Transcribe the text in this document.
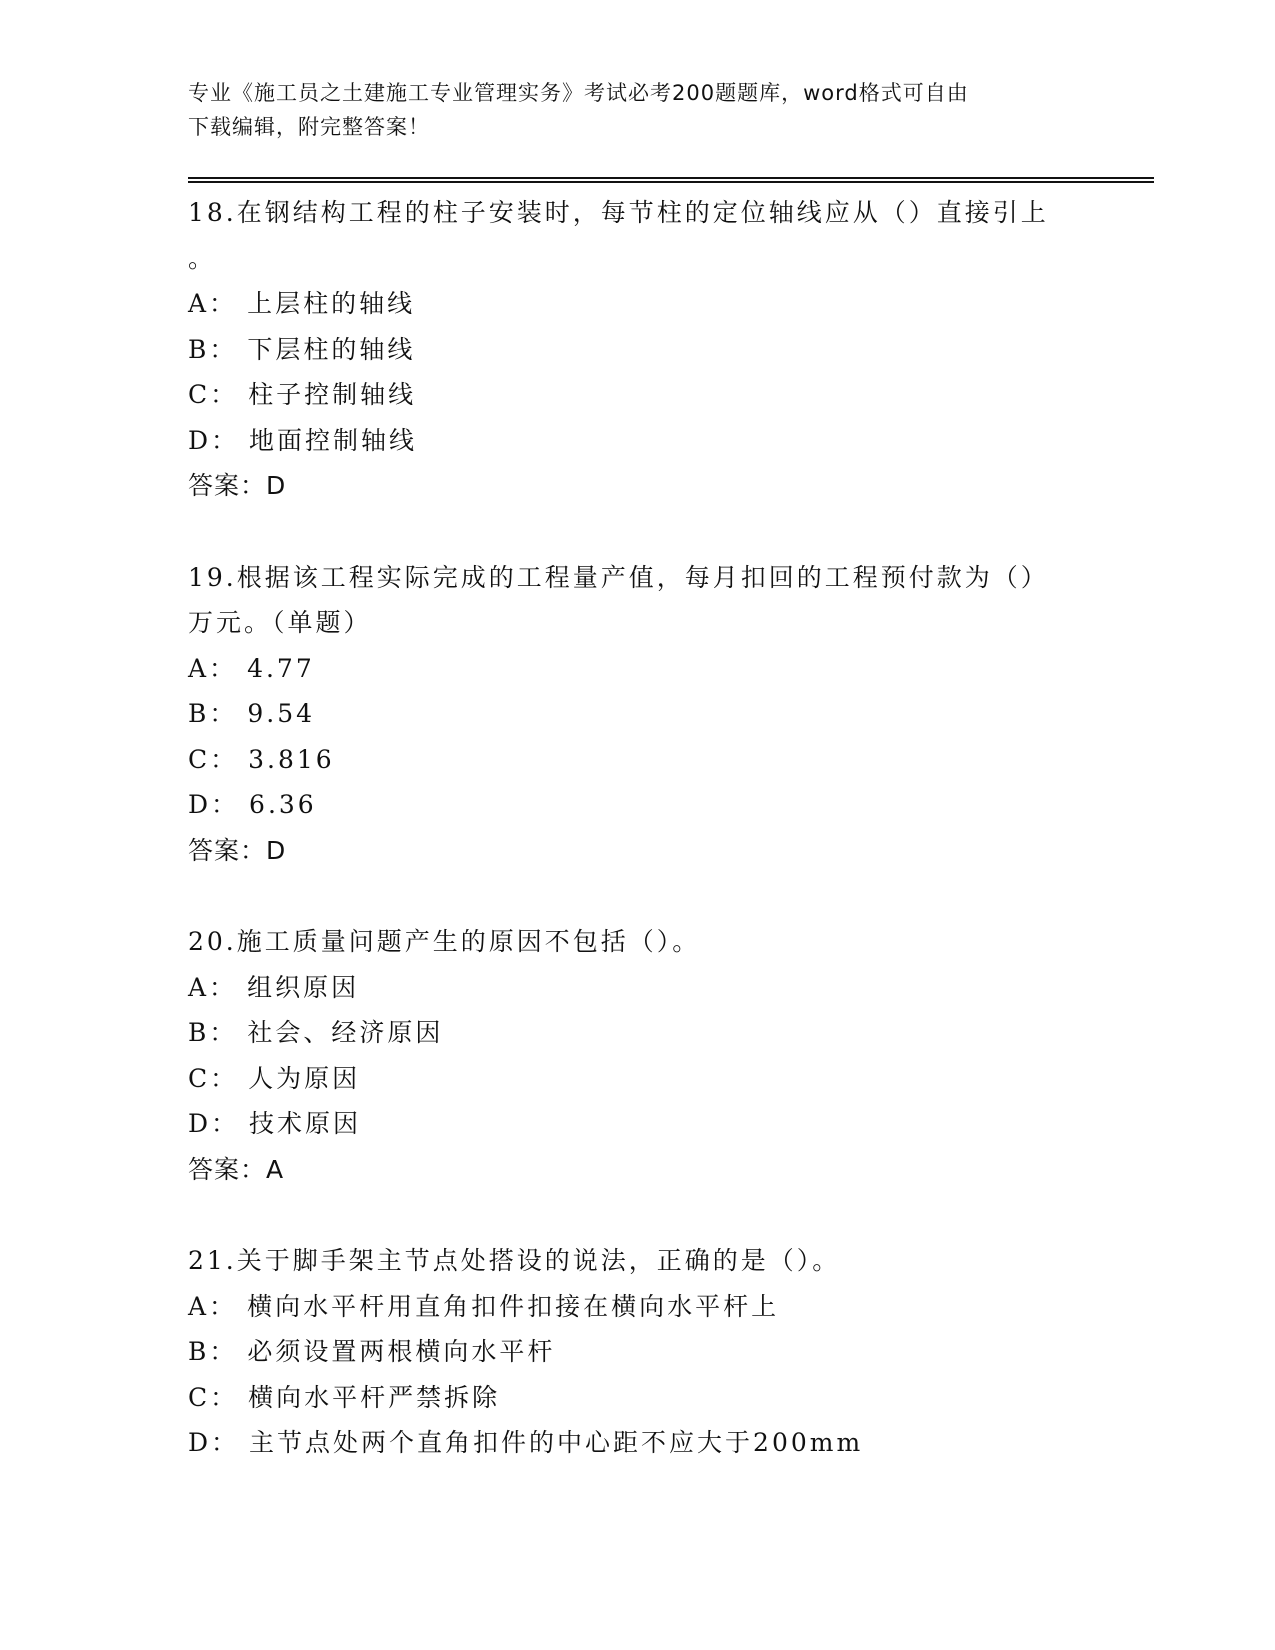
专业《施工员之土建施工专业管理实务》考试必考200题题库，word格式可自由
下载编辑，附完整答案！

18.在钢结构工程的柱子安装时，每节柱的定位轴线应从（）直接引上
。

A： 上层柱的轴线

B： 下层柱的轴线

C： 柱子控制轴线

D： 地面控制轴线

答案：D

19.根据该工程实际完成的工程量产值，每月扣回的工程预付款为（）
万元。（单题）

A： 4.77

B： 9.54

C： 3.816

D： 6.36

答案：D

20.施工质量问题产生的原因不包括（）。

A： 组织原因

B： 社会、经济原因

C： 人为原因

D： 技术原因

答案：A

21.关于脚手架主节点处搭设的说法，正确的是（）。

A： 横向水平杆用直角扣件扣接在横向水平杆上

B： 必须设置两根横向水平杆

C： 横向水平杆严禁拆除

D： 主节点处两个直角扣件的中心距不应大于200mm
